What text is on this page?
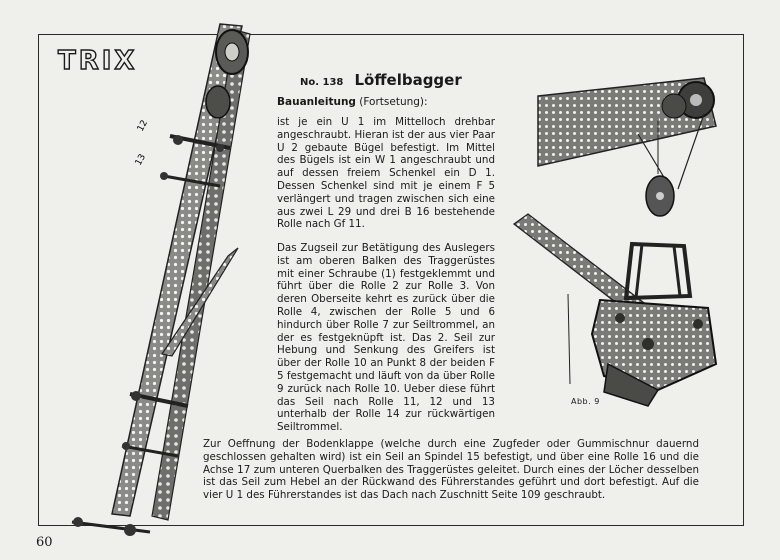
TRIX
No. 138 Löffelbagger
Bauanleitung (Fortsetung):

ist je ein U 1 im Mittelloch drehbar angeschraubt. Hieran ist der aus vier Paar U 2 gebaute Bügel befestigt. Im Mittel des Bügels ist ein W 1 angeschraubt und auf dessen freiem Schenkel ein D 1. Dessen Schenkel sind mit je einem F 5 verlängert und tragen zwischen sich eine aus zwei L 29 und drei B 16 bestehende Rolle nach Gf 11.

Das Zugseil zur Betätigung des Auslegers ist am oberen Balken des Traggerüstes mit einer Schraube (1) festgeklemmt und führt über die Rolle 2 zur Rolle 3. Von deren Oberseite kehrt es zurück über die Rolle 4, zwischen der Rolle 5 und 6 hindurch über Rolle 7 zur Seiltrommel, an der es festgeknüpft ist. Das 2. Seil zur Hebung und Senkung des Greifers ist über der Rolle 10 an Punkt 8 der beiden F 5 festgemacht und läuft von da über Rolle 9 zurück nach Rolle 10. Ueber diese führt das Seil nach Rolle 11, 12 und 13 unterhalb der Rolle 14 zur rückwärtigen Seiltrommel.

Zur Oeffnung der Bodenklappe (welche durch eine Zugfeder oder Gummischnur dauernd geschlossen gehalten wird) ist ein Seil an Spindel 15 befestigt, und über eine Rolle 16 und die Achse 17 zum unteren Querbalken des Traggerüstes geleitet. Durch eines der Löcher desselben ist das Seil zum Hebel an der Rückwand des Führerstandes geführt und dort befestigt. Auf die vier U 1 des Führerstandes ist das Dach nach Zuschnitt Seite 109 geschraubt.

12
13
Abb. 9
60
